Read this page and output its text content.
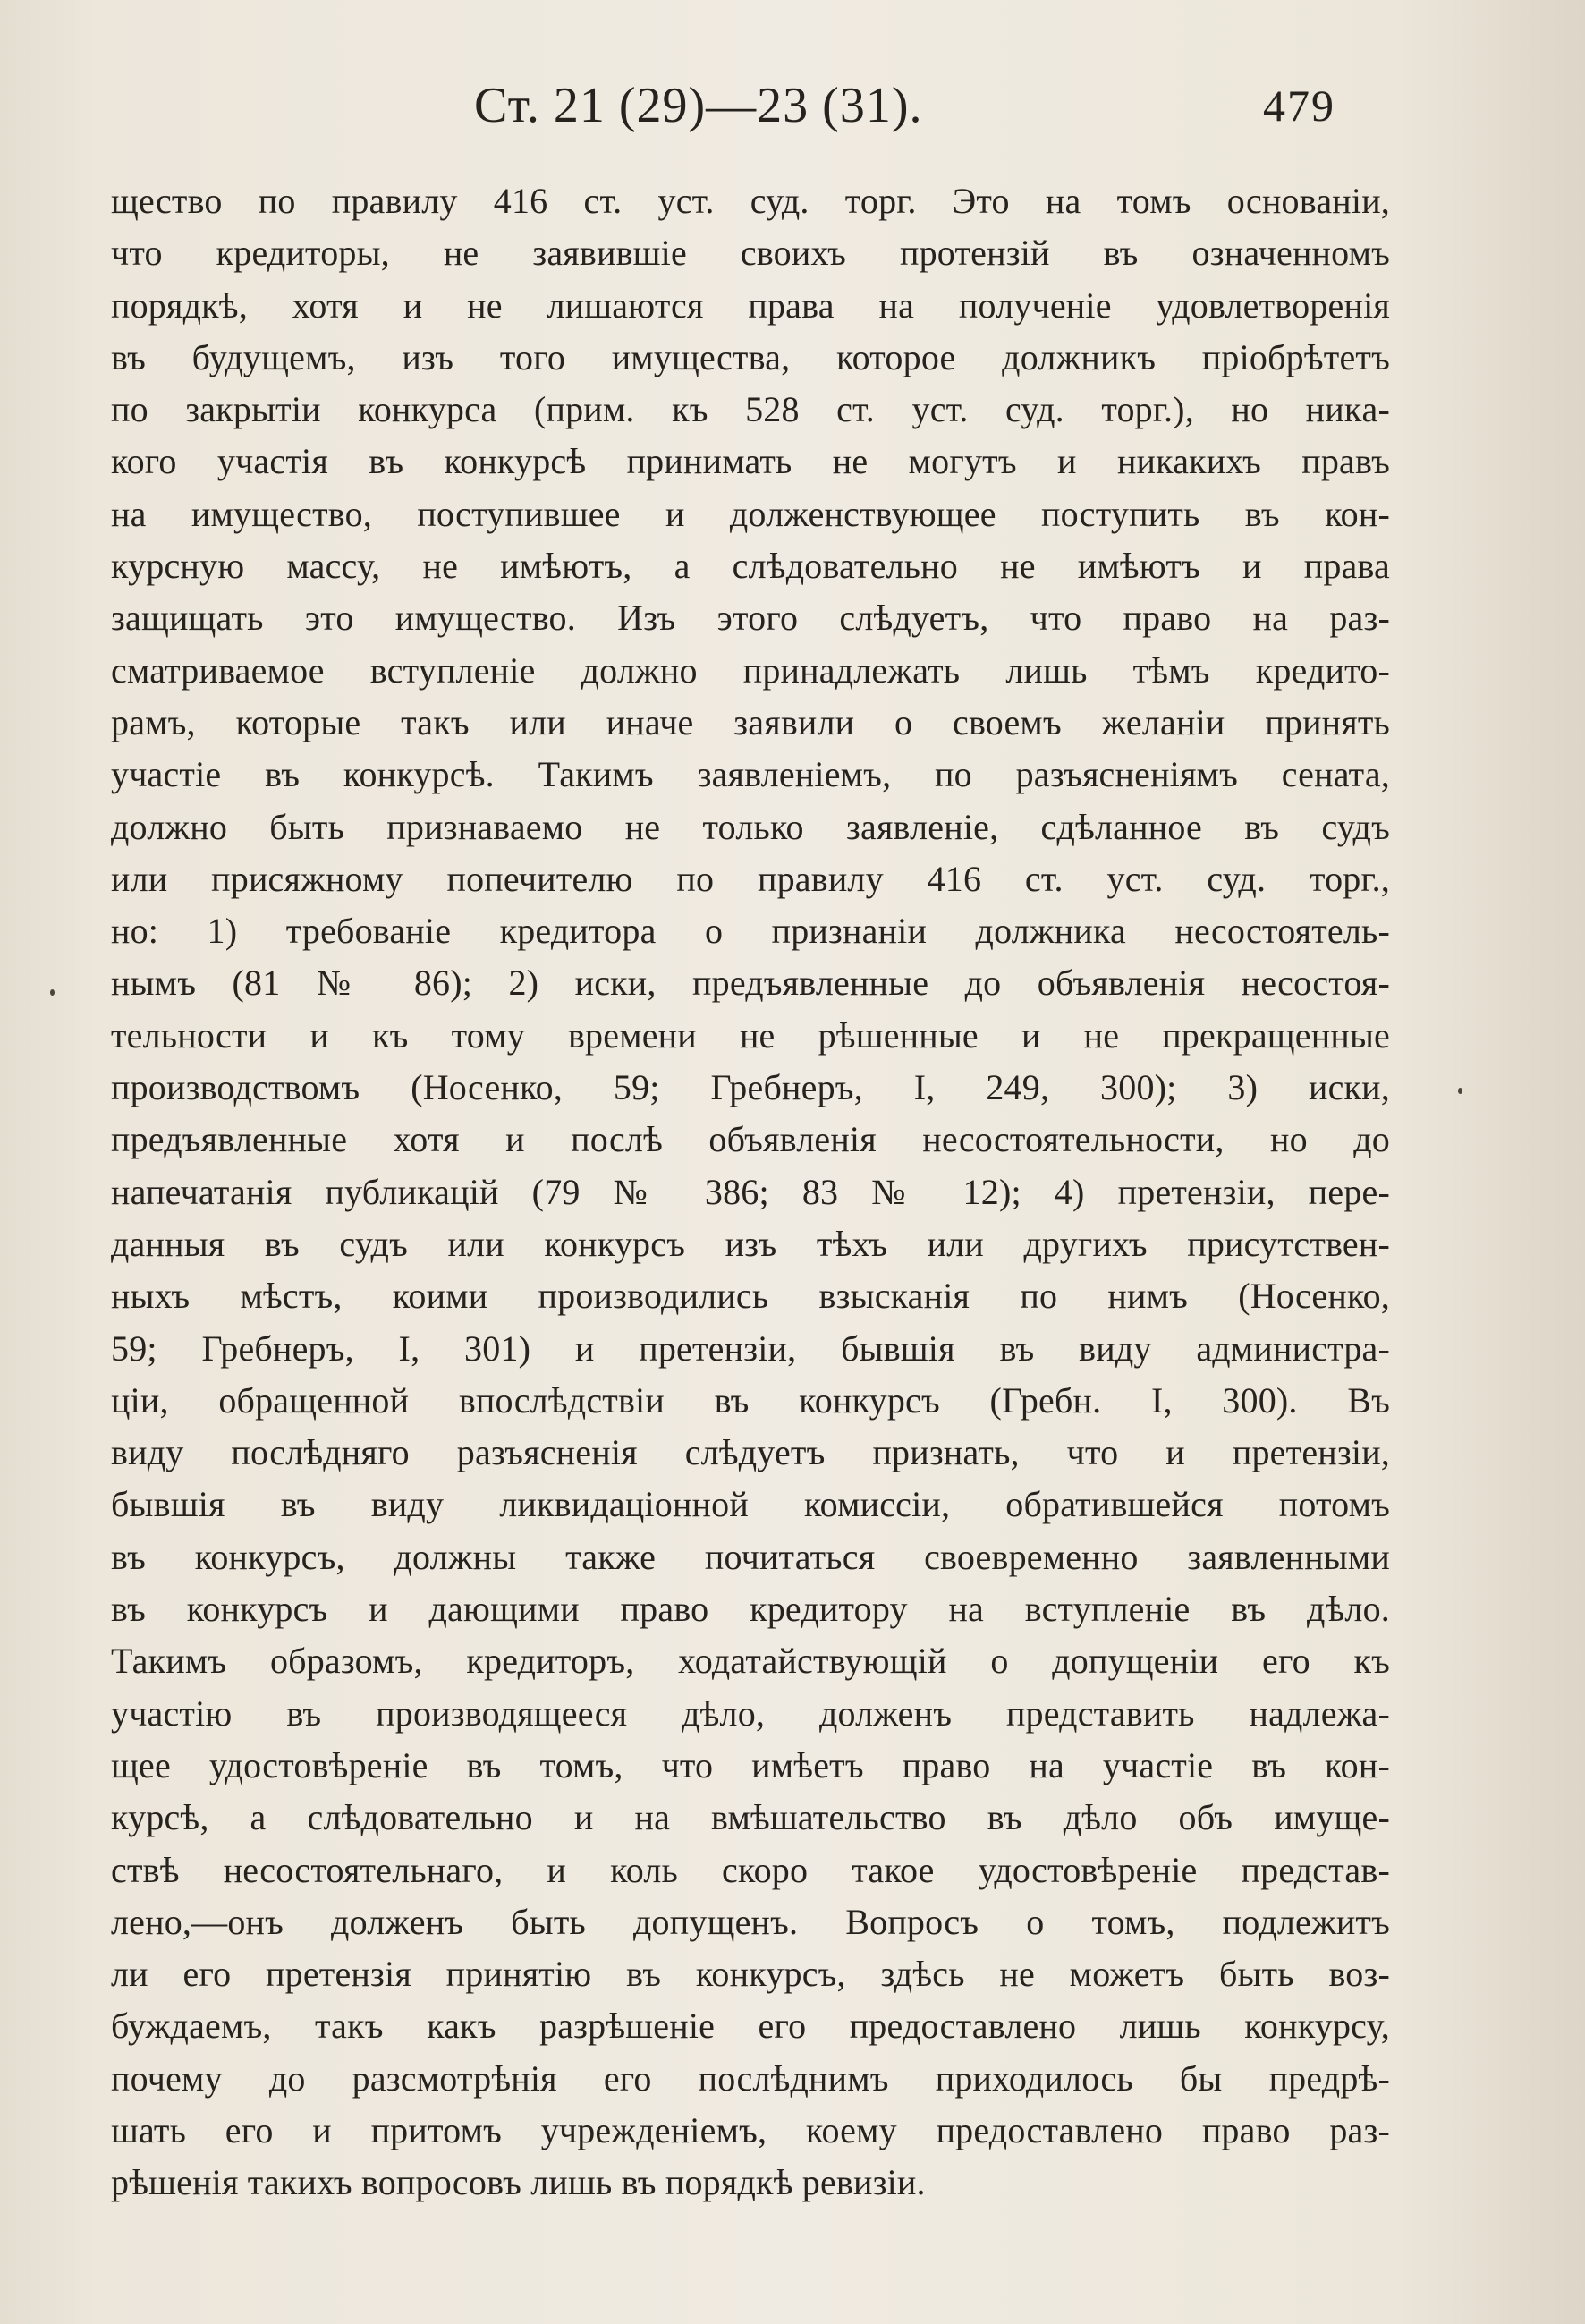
Ст. 21 (29)—23 (31).	479
щество по правилу 416 ст. уст. суд. торг. Это на томъ основаніи,
что кредиторы, не заявившіе своихъ протензій въ означенномъ
порядкѣ, хотя и не лишаются права на полученіе удовлетворенія
въ будущемъ, изъ того имущества, которое должникъ пріобрѣтетъ
по закрытіи конкурса (прим. къ 528 ст. уст. суд. торг.), но никa-
кого участія въ конкурсѣ принимать не могутъ и никакихъ правъ
на имущество, поступившее и долженствующее поступить въ кон-
курсную массу, не имѣютъ, а слѣдовательно не имѣютъ и права
защищать это имущество. Изъ этого слѣдуетъ, что право на раз-
сматриваемое вступленіе должно принадлежать лишь тѣмъ кредито-
рамъ, которые такъ или иначе заявили о своемъ желаніи принять
участіе въ конкурсѣ. Такимъ заявленіемъ, по разъясненіямъ сената,
должно быть признаваемо не только заявленіе, сдѣланное въ судъ
или присяжному попечителю по правилу 416 ст. уст. суд. торг.,
но: 1) требованіе кредитора о признаніи должника несостоятель-
нымъ (81 № 86); 2) иски, предъявленные до объявленія несостоя-
тельности и къ тому времени не рѣшенные и не прекращенные
производствомъ (Носенко, 59; Гребнеръ, I, 249, 300); 3) иски,
предъявленные хотя и послѣ объявленія несостоятельности, но до
напечатанія публикацій (79 № 386; 83 № 12); 4) претензіи, пере-
данныя въ судъ или конкурсъ изъ тѣхъ или другихъ присутствен-
ныхъ мѣстъ, коими производились взысканія по нимъ (Носенко,
59; Гребнеръ, I, 301) и претензіи, бывшія въ виду администра-
ціи, обращенной впослѣдствіи въ конкурсъ (Гребн. I, 300). Въ
виду послѣдняго разъясненія слѣдуетъ признать, что и претензіи,
бывшія въ виду ликвидаціонной комиссіи, обратившейся потомъ
въ конкурсъ, должны также почитаться своевременно заявленными
въ конкурсъ и дающими право кредитору на вступленіе въ дѣло.
Такимъ образомъ, кредиторъ, ходатайствующій о допущеніи его къ
участію въ производящееся дѣло, долженъ представить надлежа-
щее удостовѣреніе въ томъ, что имѣетъ право на участіе въ кон-
курсѣ, а слѣдовательно и на вмѣшательство въ дѣло объ имуще-
ствѣ несостоятельнаго, и коль скоро такое удостовѣреніе представ-
лено,—онъ долженъ быть допущенъ. Вопросъ о томъ, подлежитъ
ли его претензія принятію въ конкурсъ, здѣсь не можетъ быть воз-
буждаемъ, такъ какъ разрѣшеніе его предоставлено лишь конкурсу,
почему до разсмотрѣнія его послѣднимъ приходилось бы предрѣ-
шать его и притомъ учрежденіемъ, коему предоставлено право раз-
рѣшенія такихъ вопросовъ лишь въ порядкѣ ревизіи.
